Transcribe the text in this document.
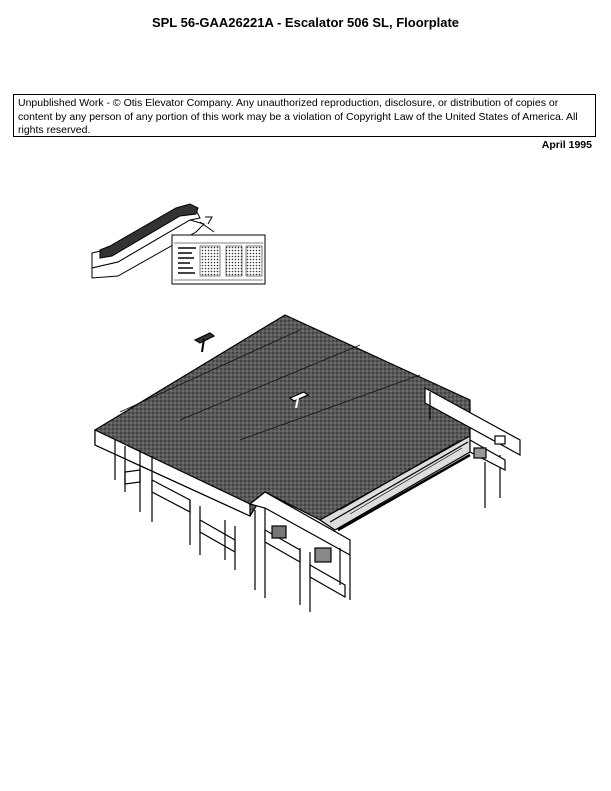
SPL 56-GAA26221A - Escalator 506 SL, Floorplate
Unpublished Work - © Otis Elevator Company. Any unauthorized reproduction, disclosure, or distribution of copies or content by any person of any portion of this work may be a violation of Copyright Law of the United States of America. All rights reserved.
April 1995
